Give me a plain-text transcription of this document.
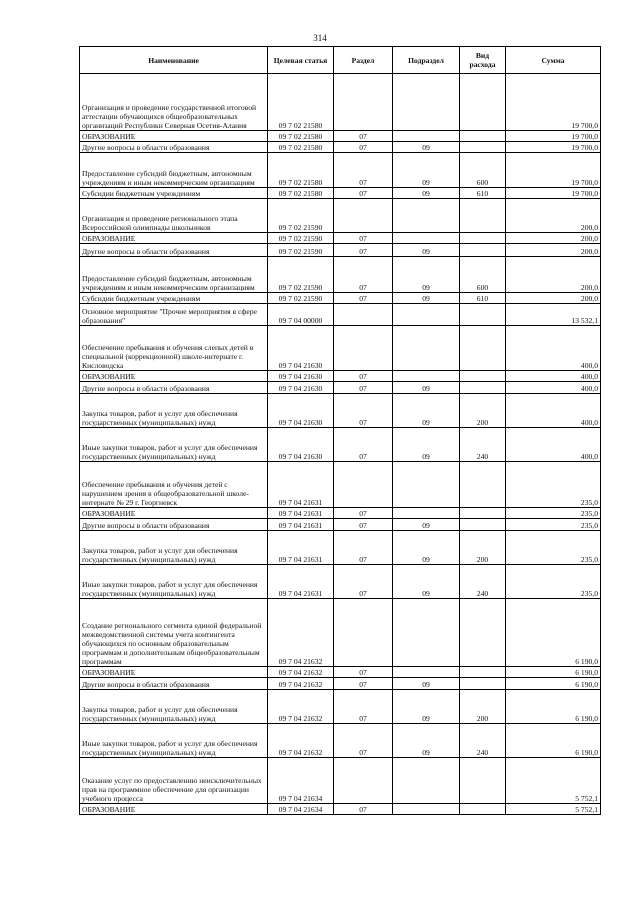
314
Наименование	Целевая статья	Раздел	Подраздел	Вид расхода	Сумма
Организация и проведение государственной итоговой аттестации обучающихся общеобразовательных организаций Республики Северная Осетия-Алания	09 7 02 21580				19 700,0
ОБРАЗОВАНИЕ	09 7 02 21580	07			19 700,0
Другие вопросы в области образования	09 7 02 21580	07	09		19 700,0
Предоставление субсидий бюджетным, автономным учреждениям и иным некоммерческим организациям	09 7 02 21580	07	09	600	19 700,0
Субсидии бюджетным учреждениям	09 7 02 21580	07	09	610	19 700,0
Организация и проведение регионального этапа Всероссийской олимпиады школьников	09 7 02 21590				200,0
ОБРАЗОВАНИЕ	09 7 02 21590	07			200,0
Другие вопросы в области образования	09 7 02 21590	07	09		200,0
Предоставление субсидий бюджетным, автономным учреждениям и иным некоммерческим организациям	09 7 02 21590	07	09	600	200,0
Субсидии бюджетным учреждениям	09 7 02 21590	07	09	610	200,0
Основное мероприятие "Прочие мероприятия в сфере образования"	09 7 04 00000				13 532,1
Обеспечение пребывания и обучения слепых детей в специальной (коррекционной) школе-интернате г. Кисловодска	09 7 04 21630				400,0
ОБРАЗОВАНИЕ	09 7 04 21630	07			400,0
Другие вопросы в области образования	09 7 04 21630	07	09		400,0
Закупка товаров, работ и услуг для обеспечения государственных (муниципальных) нужд	09 7 04 21630	07	09	200	400,0
Иные закупки товаров, работ и услуг для обеспечения государственных (муниципальных) нужд	09 7 04 21630	07	09	240	400,0
Обеспечение пребывания и обучения детей с нарушением зрения в общеобразовательной школе-интернате № 29 г. Георгиевск	09 7 04 21631				235,0
ОБРАЗОВАНИЕ	09 7 04 21631	07			235,0
Другие вопросы в области образования	09 7 04 21631	07	09		235,0
Закупка товаров, работ и услуг для обеспечения государственных (муниципальных) нужд	09 7 04 21631	07	09	200	235,0
Иные закупки товаров, работ и услуг для обеспечения государственных (муниципальных) нужд	09 7 04 21631	07	09	240	235,0
Создание регионального сегмента единой федеральной межведомственной системы учета контингента обучающихся по основным образовательным программам и дополнительным общеобразовательным программам	09 7 04 21632				6 190,0
ОБРАЗОВАНИЕ	09 7 04 21632	07			6 190,0
Другие вопросы в области образования	09 7 04 21632	07	09		6 190,0
Закупка товаров, работ и услуг для обеспечения государственных (муниципальных) нужд	09 7 04 21632	07	09	200	6 190,0
Иные закупки товаров, работ и услуг для обеспечения государственных (муниципальных) нужд	09 7 04 21632	07	09	240	6 190,0
Оказание услуг по предоставлению неисключительных прав на программное обеспечение для организации учебного процесса	09 7 04 21634				5 752,1
ОБРАЗОВАНИЕ	09 7 04 21634	07			5 752,1
